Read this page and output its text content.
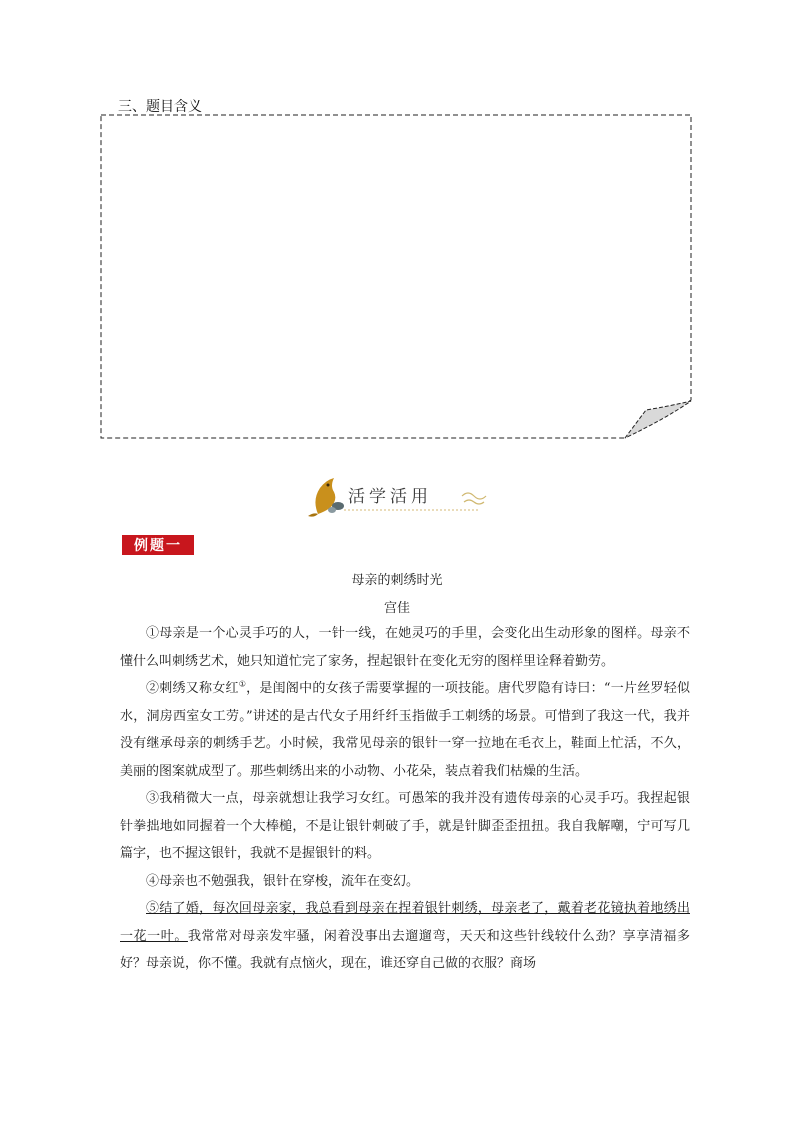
三、题目含义
活学活用
例题一
母亲的刺绣时光
宫佳

①母亲是一个心灵手巧的人，一针一线，在她灵巧的手里，会变化出生动形象的图样。母亲不懂什么叫刺绣艺术，她只知道忙完了家务，捏起银针在变化无穷的图样里诠释着勤劳。

②刺绣又称女红①，是闺阁中的女孩子需要掌握的一项技能。唐代罗隐有诗曰：“一片丝罗轻似水，洞房西室女工劳。”讲述的是古代女子用纤纤玉指做手工刺绣的场景。可惜到了我这一代，我并没有继承母亲的刺绣手艺。小时候，我常见母亲的银针一穿一拉地在毛衣上，鞋面上忙活，不久，美丽的图案就成型了。那些刺绣出来的小动物、小花朵，装点着我们枯燥的生活。

③我稍微大一点，母亲就想让我学习女红。可愚笨的我并没有遗传母亲的心灵手巧。我捏起银针拳拙地如同握着一个大棒槌，不是让银针刺破了手，就是针脚歪歪扭扭。我自我解嘲，宁可写几篇字，也不握这银针，我就不是握银针的料。

④母亲也不勉强我，银针在穿梭，流年在变幻。

⑤结了婚，每次回母亲家，我总看到母亲在捏着银针刺绣，母亲老了，戴着老花镜执着地绣出一花一叶。我常常对母亲发牢骚，闲着没事出去遛遛弯，天天和这些针线较什么劲？享享清福多好？母亲说，你不懂。我就有点恼火，现在，谁还穿自己做的衣服？商场
